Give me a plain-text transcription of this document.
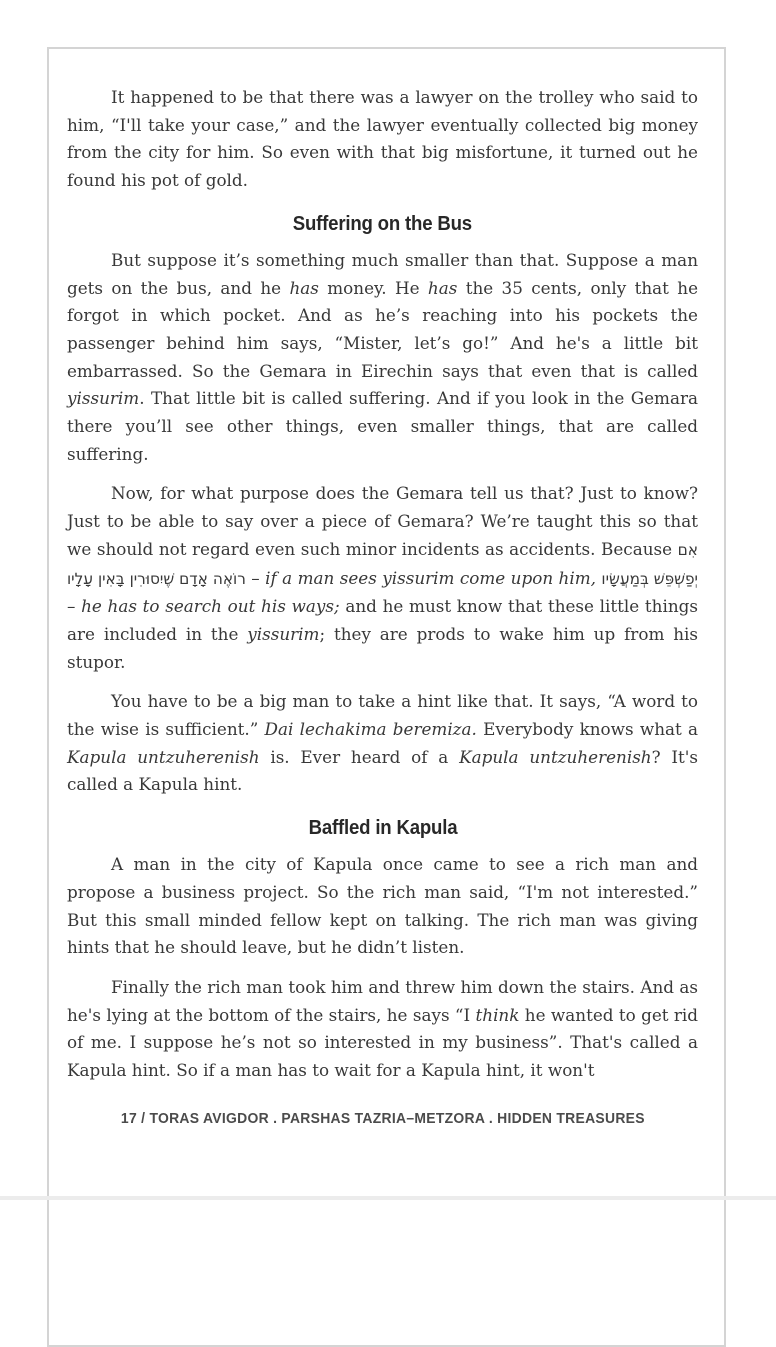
It happened to be that there was a lawyer on the trolley who said to him, “I'll take your case,” and the lawyer eventually collected big money from the city for him. So even with that big misfortune, it turned out he found his pot of gold.

Suffering on the Bus

But suppose it’s something much smaller than that. Suppose a man gets on the bus, and he has money. He has the 35 cents, only that he forgot in which pocket. And as he’s reaching into his pockets the passenger behind him says, “Mister, let’s go!” And he's a little bit embarrassed. So the Gemara in Eirechin says that even that is called yissurim. That little bit is called suffering. And if you look in the Gemara there you’ll see other things, even smaller things, that are called suffering.

Now, for what purpose does the Gemara tell us that? Just to know? Just to be able to say over a piece of Gemara? We’re taught this so that we should not regard even such minor incidents as accidents. Because אִם רוֹאֶה אָדָם שֶׁיִסוּרִין בָּאִין עָלָיו – if a man sees yissurim come upon him, יְפַשְׁפֵּשׁ בְּמַעֲשָׂיו – he has to search out his ways; and he must know that these little things are included in the yissurim; they are prods to wake him up from his stupor.

You have to be a big man to take a hint like that. It says, “A word to the wise is sufficient.” Dai lechakima beremiza. Everybody knows what a Kapula untzuherenish is. Ever heard of a Kapula untzuherenish? It's called a Kapula hint.

Baffled in Kapula

A man in the city of Kapula once came to see a rich man and propose a business project. So the rich man said, “I'm not interested.” But this small minded fellow kept on talking. The rich man was giving hints that he should leave, but he didn’t listen.

Finally the rich man took him and threw him down the stairs. And as he's lying at the bottom of the stairs, he says “I think he wanted to get rid of me. I suppose he’s not so interested in my business”. That's called a Kapula hint. So if a man has to wait for a Kapula hint, it won't

17 / TORAS AVIGDOR . PARSHAS TAZRIA–METZORA . HIDDEN TREASURES
